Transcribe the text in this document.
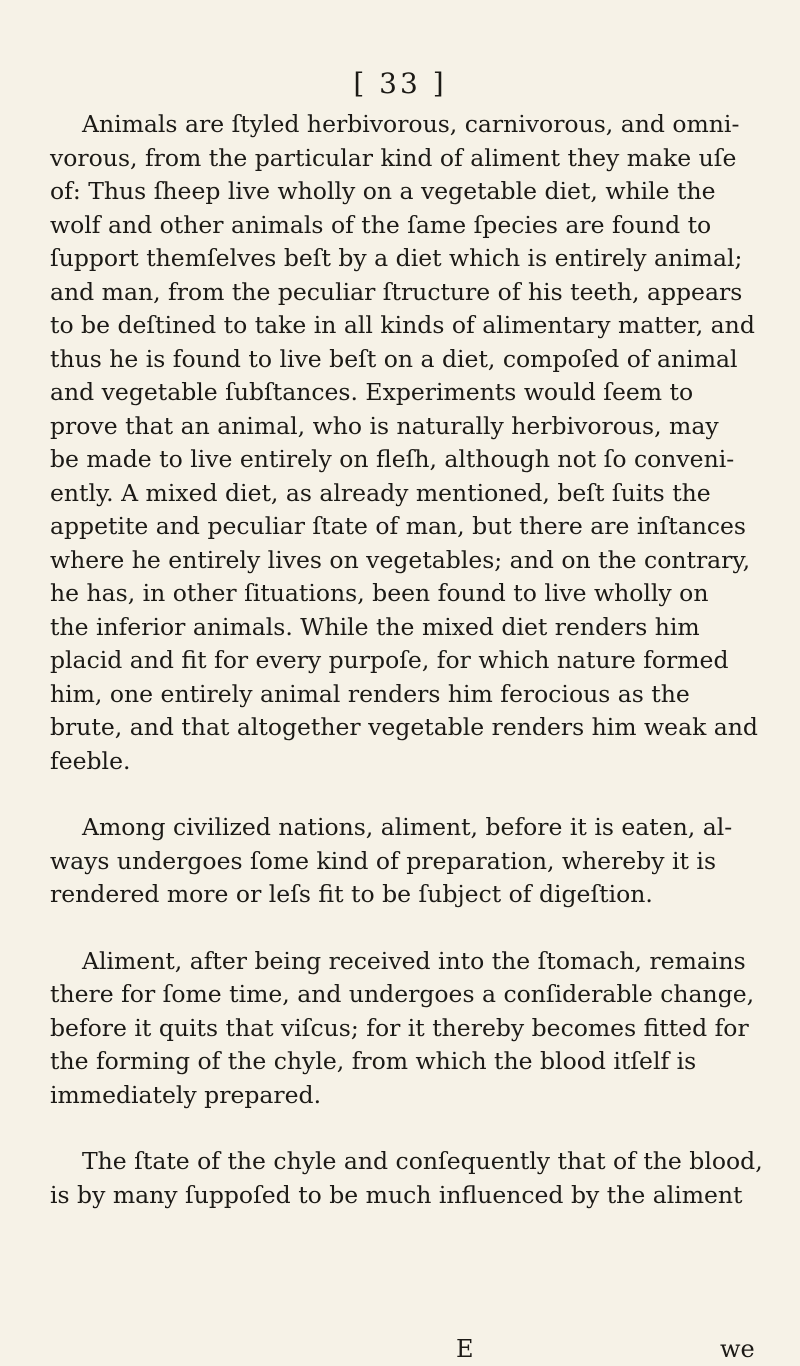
[ 33 ]

Animals are ſtyled herbivorous, carnivorous, and omni-
vorous, from the particular kind of aliment they make uſe
of: Thus ſheep live wholly on a vegetable diet, while the
wolf and other animals of the ſame ſpecies are found to
ſupport themſelves beſt by a diet which is entirely animal;
and man, from the peculiar ſtructure of his teeth, appears
to be deſtined to take in all kinds of alimentary matter, and
thus he is found to live beſt on a diet, compoſed of animal
and vegetable ſubſtances. Experiments would ſeem to
prove that an animal, who is naturally herbivorous, may
be made to live entirely on fleſh, although not ſo conveni-
ently. A mixed diet, as already mentioned, beſt ſuits the
appetite and peculiar ſtate of man, but there are inſtances
where he entirely lives on vegetables; and on the contrary,
he has, in other ſituations, been found to live wholly on
the inferior animals. While the mixed diet renders him
placid and fit for every purpoſe, for which nature formed
him, one entirely animal renders him ferocious as the
brute, and that altogether vegetable renders him weak and
feeble.

Among civilized nations, aliment, before it is eaten, al-
ways undergoes ſome kind of preparation, whereby it is
rendered more or leſs fit to be ſubject of digeſtion.

Aliment, after being received into the ſtomach, remains
there for ſome time, and undergoes a conſiderable change,
before it quits that viſcus; for it thereby becomes fitted for
the forming of the chyle, from which the blood itſelf is
immediately prepared.

The ſtate of the chyle and conſequently that of the blood,
is by many ſuppoſed to be much influenced by the aliment

E	we
